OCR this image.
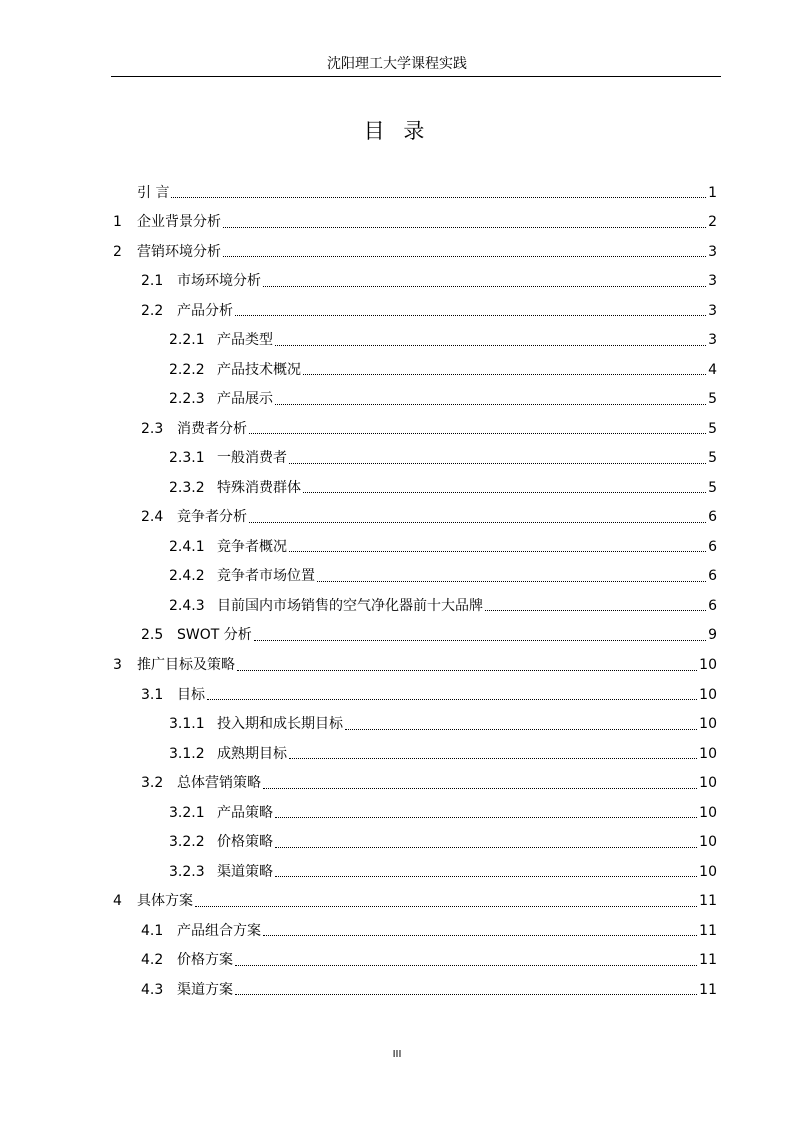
沈阳理工大学课程实践
目 录
引 言	1
1	企业背景分析	2
2	营销环境分析	3
2.1 市场环境分析	3
2.2 产品分析	3
2.2.1 产品类型	3
2.2.2 产品技术概况	4
2.2.3 产品展示	5
2.3 消费者分析	5
2.3.1 一般消费者	5
2.3.2 特殊消费群体	5
2.4 竞争者分析	6
2.4.1 竞争者概况	6
2.4.2 竞争者市场位置	6
2.4.3 目前国内市场销售的空气净化器前十大品牌	6
2.5 SWOT 分析	9
3	推广目标及策略	10
3.1 目标	10
3.1.1 投入期和成长期目标	10
3.1.2 成熟期目标	10
3.2 总体营销策略	10
3.2.1 产品策略	10
3.2.2 价格策略	10
3.2.3 渠道策略	10
4	具体方案	11
4.1 产品组合方案	11
4.2 价格方案	11
4.3 渠道方案	11
III
